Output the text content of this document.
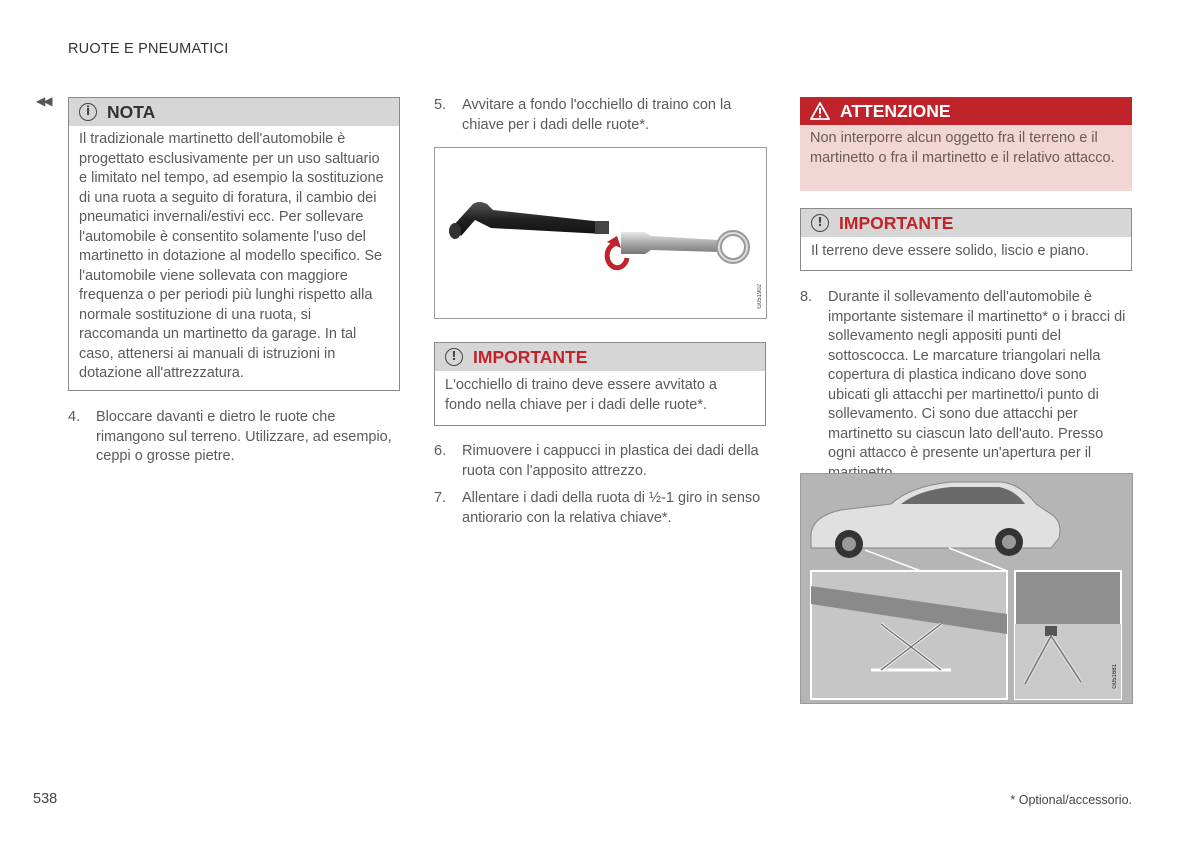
RUOTE E PNEUMATICI
◀◀
i NOTA
Il tradizionale martinetto dell'automobile è progettato esclusivamente per un uso saltuario e limitato nel tempo, ad esempio la sostituzione di una ruota a seguito di foratura, il cambio dei pneumatici invernali/estivi ecc. Per sollevare l'automobile è consentito solamente l'uso del martinetto in dotazione al modello specifico. Se l'automobile viene sollevata con maggiore frequenza o per periodi più lunghi rispetto alla normale sostituzione di una ruota, si raccomanda un martinetto da garage. In tal caso, attenersi ai manuali di istruzioni in dotazione all'attrezzatura.
4.	Bloccare davanti e dietro le ruote che rimangono sul terreno. Utilizzare, ad esempio, ceppi o grosse pietre.
5.	Avvitare a fondo l'occhiello di traino con la chiave per i dadi delle ruote*.
G051902
! IMPORTANTE
L'occhiello di traino deve essere avvitato a fondo nella chiave per i dadi delle ruote*.
6.	Rimuovere i cappucci in plastica dei dadi della ruota con l'apposito attrezzo.
7.	Allentare i dadi della ruota di ½-1 giro in senso antiorario con la relativa chiave*.
ATTENZIONE
Non interporre alcun oggetto fra il terreno e il martinetto o fra il martinetto e il relativo attacco.
! IMPORTANTE
Il terreno deve essere solido, liscio e piano.
8.	Durante il sollevamento dell'automobile è importante sistemare il martinetto* o i bracci di sollevamento negli appositi punti del sottoscocca. Le marcature triangolari nella copertura di plastica indicano dove sono ubicati gli attacchi per martinetto/i punto di sollevamento. Ci sono due attacchi per martinetto su ciascun lato dell'auto. Presso ogni attacco è presente un'apertura per il
G051681
538	* Optional/accessorio.
